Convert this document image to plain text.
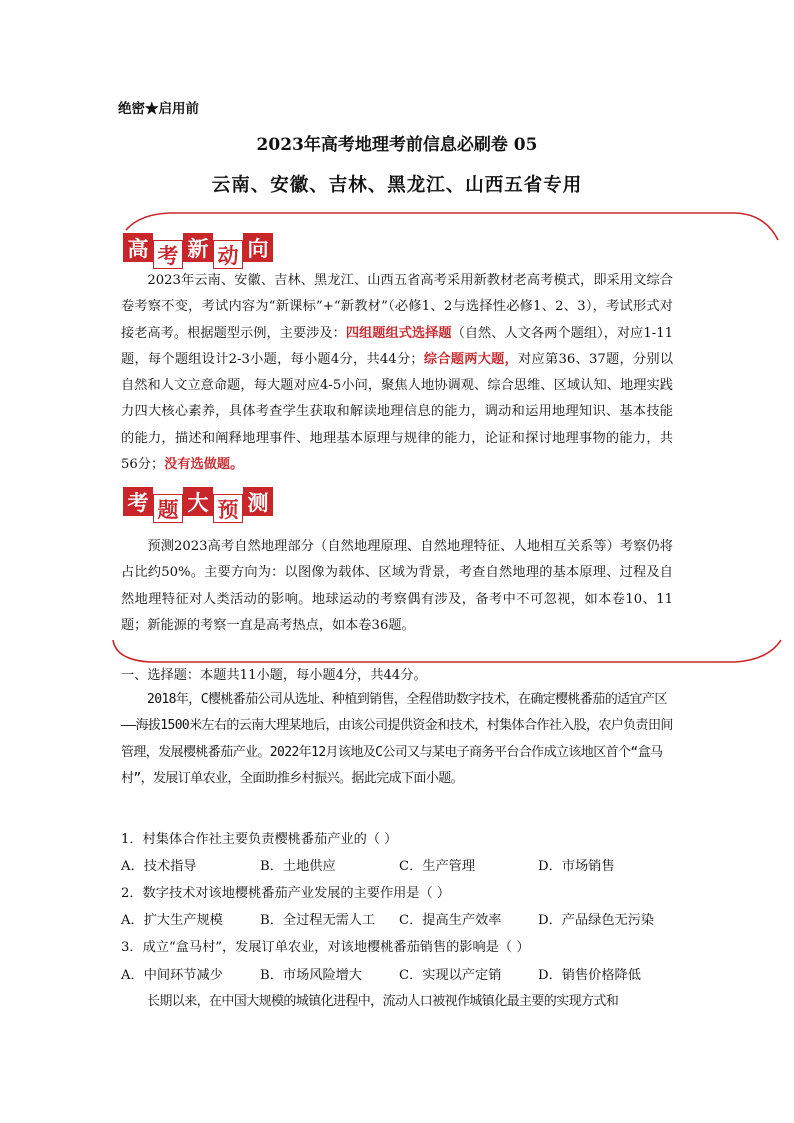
绝密★启用前
2023年高考地理考前信息必刷卷 05
云南、安徽、吉林、黑龙江、山西五省专用
高 考 新 动 向

2023年云南、安徽、吉林、黑龙江、山西五省高考采用新教材老高考模式，即采用文综合卷考察不变，考试内容为“新课标”+“新教材”（必修1、2与选择性必修1、2、3），考试形式对接老高考。根据题型示例，主要涉及：四组题组式选择题（自然、人文各两个题组），对应1-11题，每个题组设计2-3小题，每小题4分，共44分；综合题两大题，对应第36、37题，分别以自然和人文立意命题，每大题对应4-5小问，聚焦人地协调观、综合思维、区域认知、地理实践力四大核心素养，具体考查学生获取和解读地理信息的能力，调动和运用地理知识、基本技能的能力，描述和阐释地理事件、地理基本原理与规律的能力，论证和探讨地理事物的能力，共56分；没有选做题。

考 题 大 预 测

预测2023高考自然地理部分（自然地理原理、自然地理特征、人地相互关系等）考察仍将占比约50%。主要方向为：以图像为载体、区域为背景，考查自然地理的基本原理、过程及自然地理特征对人类活动的影响。地球运动的考察偶有涉及，备考中不可忽视，如本卷10、11题；新能源的考察一直是高考热点，如本卷36题。

一、选择题：本题共11小题，每小题4分，共44分。

2018年，C樱桃番茄公司从选址、种植到销售，全程借助数字技术，在确定樱桃番茄的适宜产区——海拔1500米左右的云南大理某地后，由该公司提供资金和技术，村集体合作社入股，农户负责田间管理，发展樱桃番茄产业。2022年12月该地及C公司又与某电子商务平台合作成立该地区首个“盒马村”，发展订单农业，全面助推乡村振兴。据此完成下面小题。

1．村集体合作社主要负责樱桃番茄产业的（ ）
A．技术指导	B．土地供应	C．生产管理	D．市场销售
2．数字技术对该地樱桃番茄产业发展的主要作用是（ ）
A．扩大生产规模	B．全过程无需人工	C．提高生产效率	D．产品绿色无污染
3．成立“盒马村”，发展订单农业，对该地樱桃番茄销售的影响是（ ）
A．中间环节减少	B．市场风险增大	C．实现以产定销	D．销售价格降低

长期以来，在中国大规模的城镇化进程中，流动人口被视作城镇化最主要的实现方式和
